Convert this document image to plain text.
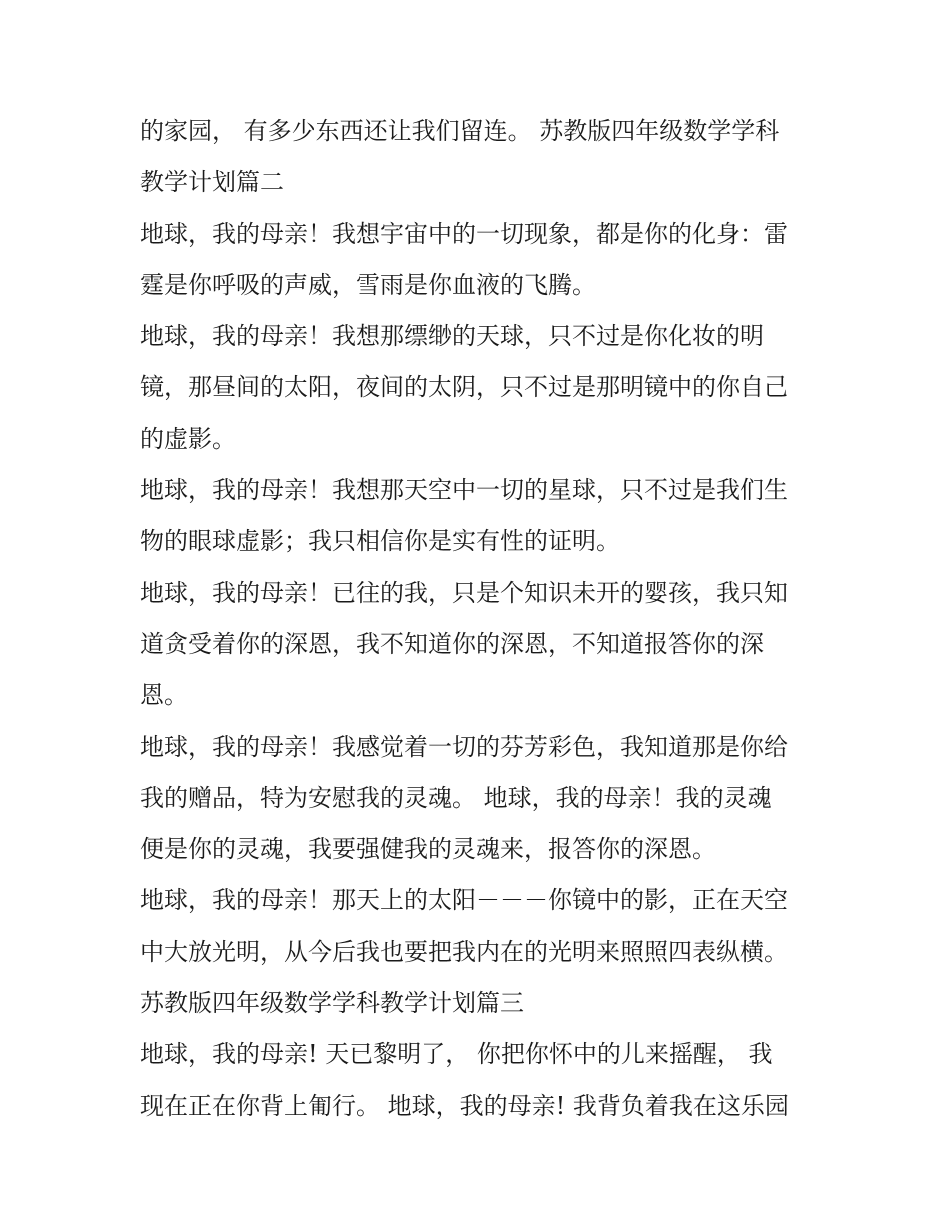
的家园， 有多少东西还让我们留连。 苏教版四年级数学学科
教学计划篇二
地球，我的母亲！我想宇宙中的一切现象，都是你的化身：雷
霆是你呼吸的声威，雪雨是你血液的飞腾。
地球，我的母亲！我想那缥缈的天球，只不过是你化妆的明
镜，那昼间的太阳，夜间的太阴，只不过是那明镜中的你自己
的虚影。
地球，我的母亲！我想那天空中一切的星球，只不过是我们生
物的眼球虚影；我只相信你是实有性的证明。
地球，我的母亲！已往的我，只是个知识未开的婴孩，我只知
道贪受着你的深恩，我不知道你的深恩，不知道报答你的深
恩。
地球，我的母亲！我感觉着一切的芬芳彩色，我知道那是你给
我的赠品，特为安慰我的灵魂。 地球，我的母亲！我的灵魂
便是你的灵魂，我要强健我的灵魂来，报答你的深恩。
地球，我的母亲！那天上的太阳－－－你镜中的影，正在天空
中大放光明，从今后我也要把我内在的光明来照照四表纵横。
苏教版四年级数学学科教学计划篇三
地球，我的母亲! 天已黎明了， 你把你怀中的儿来摇醒， 我
现在正在你背上匍行。 地球，我的母亲! 我背负着我在这乐园
